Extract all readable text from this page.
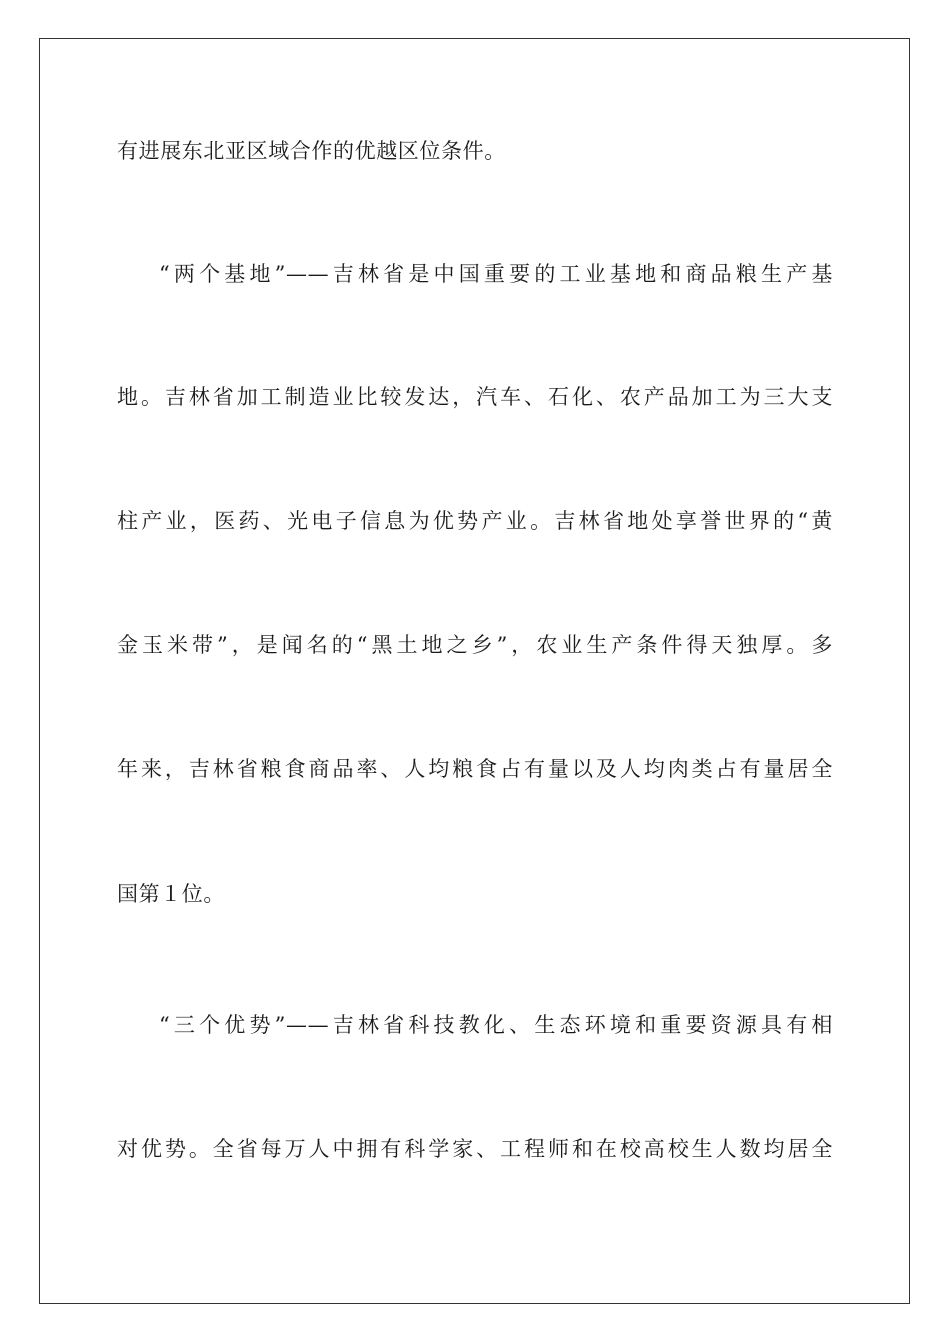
有进展东北亚区域合作的优越区位条件。
“两个基地”——吉林省是中国重要的工业基地和商品粮生产基
地。吉林省加工制造业比较发达，汽车、石化、农产品加工为三大支
柱产业，医药、光电子信息为优势产业。吉林省地处享誉世界的“黄
金玉米带”，是闻名的“黑土地之乡”，农业生产条件得天独厚。多
年来，吉林省粮食商品率、人均粮食占有量以及人均肉类占有量居全
国第１位。
“三个优势”——吉林省科技教化、生态环境和重要资源具有相
对优势。全省每万人中拥有科学家、工程师和在校高校生人数均居全
